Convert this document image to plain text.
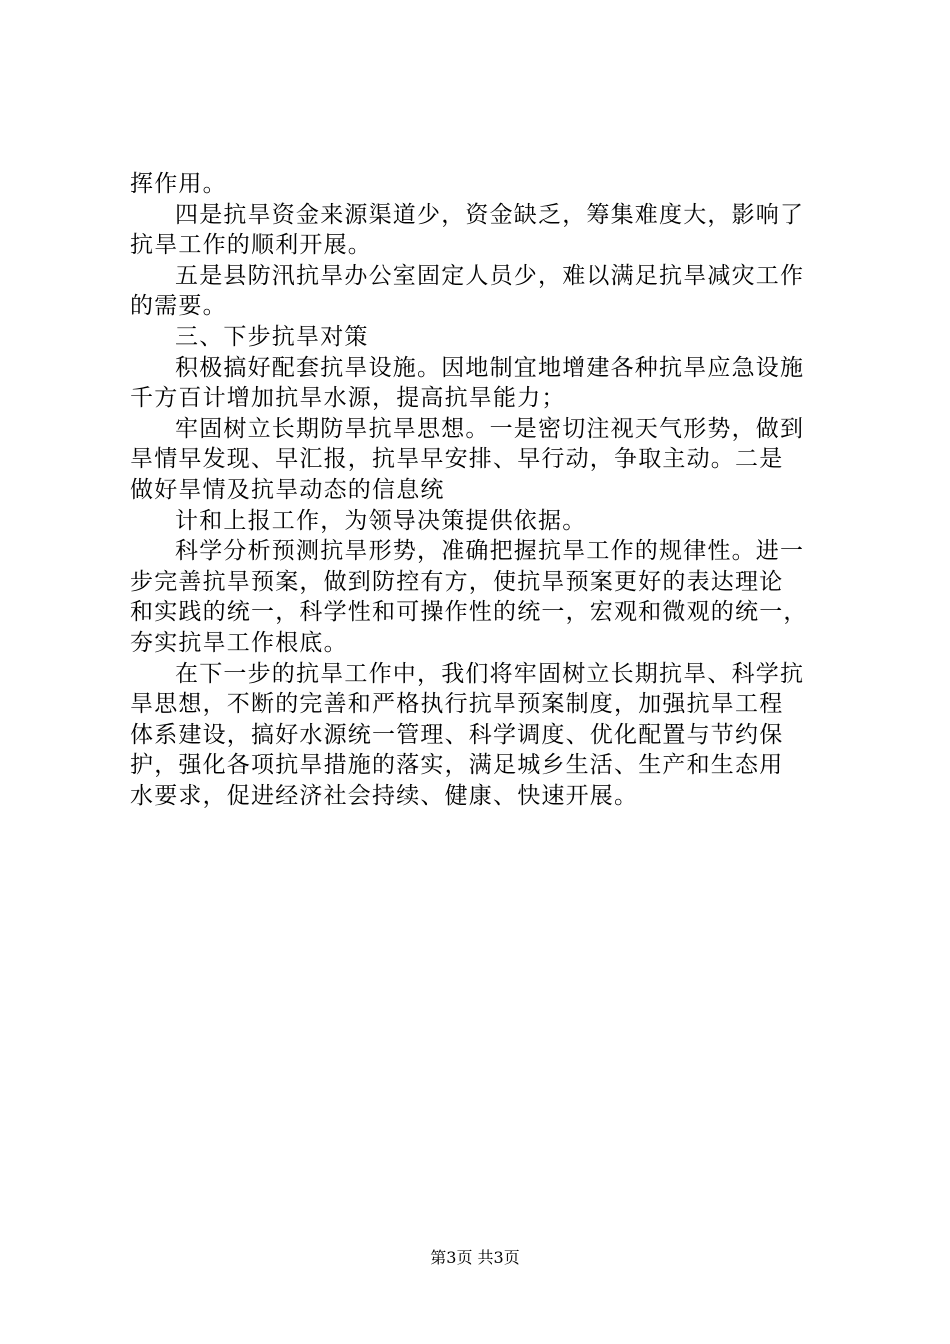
挥作用。
四是抗旱资金来源渠道少，资金缺乏，筹集难度大，影响了
抗旱工作的顺利开展。
五是县防汛抗旱办公室固定人员少，难以满足抗旱减灾工作
的需要。
三、下步抗旱对策
积极搞好配套抗旱设施。因地制宜地增建各种抗旱应急设施
千方百计增加抗旱水源，提高抗旱能力；
牢固树立长期防旱抗旱思想。一是密切注视天气形势，做到
旱情早发现、早汇报，抗旱早安排、早行动，争取主动。二是
做好旱情及抗旱动态的信息统
计和上报工作，为领导决策提供依据。
科学分析预测抗旱形势，准确把握抗旱工作的规律性。进一
步完善抗旱预案，做到防控有方，使抗旱预案更好的表达理论
和实践的统一，科学性和可操作性的统一，宏观和微观的统一，
夯实抗旱工作根底。
在下一步的抗旱工作中，我们将牢固树立长期抗旱、科学抗
旱思想，不断的完善和严格执行抗旱预案制度，加强抗旱工程
体系建设，搞好水源统一管理、科学调度、优化配置与节约保
护，强化各项抗旱措施的落实，满足城乡生活、生产和生态用
水要求，促进经济社会持续、健康、快速开展。
第3页 共3页
